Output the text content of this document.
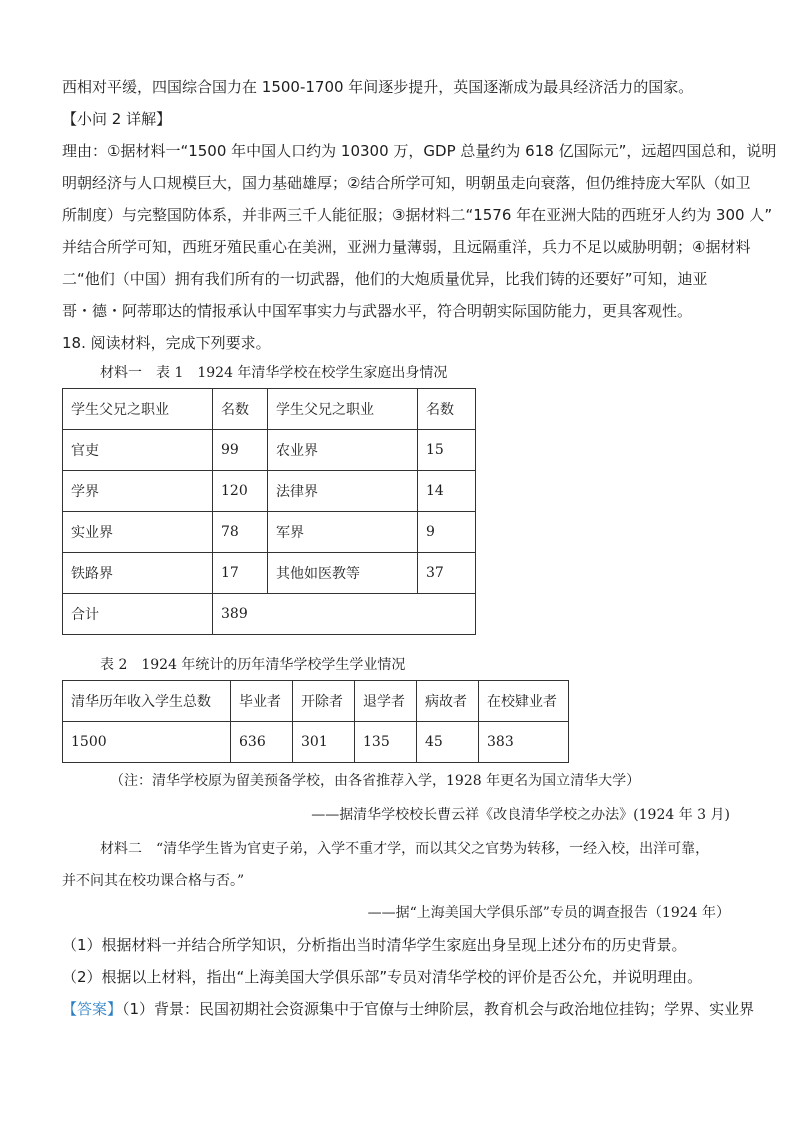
西相对平缓，四国综合国力在 1500-1700 年间逐步提升，英国逐渐成为最具经济活力的国家。
【小问 2 详解】
理由：①据材料一“1500 年中国人口约为 10300 万，GDP 总量约为 618 亿国际元”，远超四国总和，说明
明朝经济与人口规模巨大，国力基础雄厚；②结合所学可知，明朝虽走向衰落，但仍维持庞大军队（如卫
所制度）与完整国防体系，并非两三千人能征服；③据材料二“1576 年在亚洲大陆的西班牙人约为 300 人”
并结合所学可知，西班牙殖民重心在美洲，亚洲力量薄弱，且远隔重洋，兵力不足以威胁明朝；④据材料
二“他们（中国）拥有我们所有的一切武器，他们的大炮质量优异，比我们铸的还要好”可知，迪亚
哥・德・阿蒂耶达的情报承认中国军事实力与武器水平，符合明朝实际国防能力，更具客观性。
18. 阅读材料，完成下列要求。
材料一　表 1　1924 年清华学校在校学生家庭出身情况
学生父兄之职业	名数	学生父兄之职业	名数
官吏	99	农业界	15
学界	120	法律界	14
实业界	78	军界	9
铁路界	17	其他如医教等	37
合计	389		
表 2　1924 年统计的历年清华学校学生学业情况
清华历年收入学生总数	毕业者	开除者	退学者	病故者	在校肄业者
1500	636	301	135	45	383
（注：清华学校原为留美预备学校，由各省推荐入学，1928 年更名为国立清华大学）
——据清华学校校长曹云祥《改良清华学校之办法》(1924 年 3 月)
材料二　“清华学生皆为官吏子弟，入学不重才学，而以其父之官势为转移，一经入校，出洋可靠，
并不问其在校功课合格与否。”
——据“上海美国大学俱乐部”专员的调查报告（1924 年）
（1）根据材料一并结合所学知识，分析指出当时清华学生家庭出身呈现上述分布的历史背景。
（2）根据以上材料，指出“上海美国大学俱乐部”专员对清华学校的评价是否公允，并说明理由。
【答案】（1）背景：民国初期社会资源集中于官僚与士绅阶层，教育机会与政治地位挂钩；学界、实业界
